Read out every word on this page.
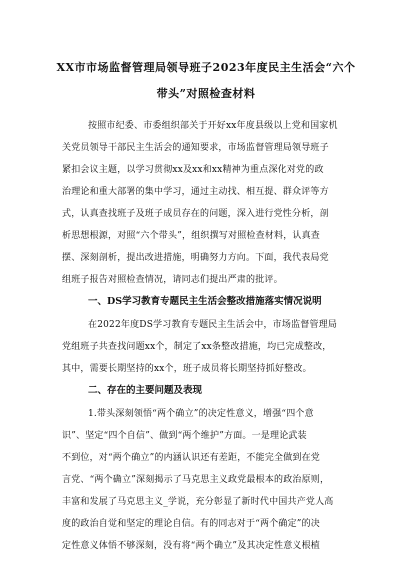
XX市市场监督管理局领导班子2023年度民主生活会“六个
带头”对照检查材料
按照市纪委、市委组织部关于开好xx年度县级以上党和国家机
关党员领导干部民主生活会的通知要求，市场监督管理局领导班子
紧扣会议主题，以学习贯彻xx及xx和xx精神为重点深化对党的政
治理论和重大部署的集中学习，通过主动找、相互提、群众评等方
式，认真查找班子及班子成员存在的问题，深入进行党性分析，剖
析思想根源，对照“六个带头”，组织撰写对照检查材料，认真查
摆、深刻剖析，提出改进措施，明确努力方向。下面，我代表局党
组班子报告对照检查情况，请同志们提出严肃的批评。
一、DS学习教育专题民主生活会整改措施落实情况说明
在2022年度DS学习教育专题民主生活会中，市场监督管理局
党组班子共查找问题xx个，制定了xx条整改措施，均已完成整改，
其中，需要长期坚持的xx个，班子成员将长期坚持抓好整改。
二、存在的主要问题及表现
1.带头深刻领悟“两个确立”的决定性意义，增强“四个意
识”、坚定“四个自信”、做到“两个维护”方面。一是理论武装
不到位，对“两个确立”的内涵认识还有差距，不能完全做到在党
言党、“两个确立”深刻揭示了马克思主义政党最根本的政治原则，
丰富和发展了马克思主义_学说，充分彰显了新时代中国共产党人高
度的政治自觉和坚定的理论自信。有的同志对于“两个确定”的决
定性意义体悟不够深刻，没有将“两个确立”及其决定性意义根植
